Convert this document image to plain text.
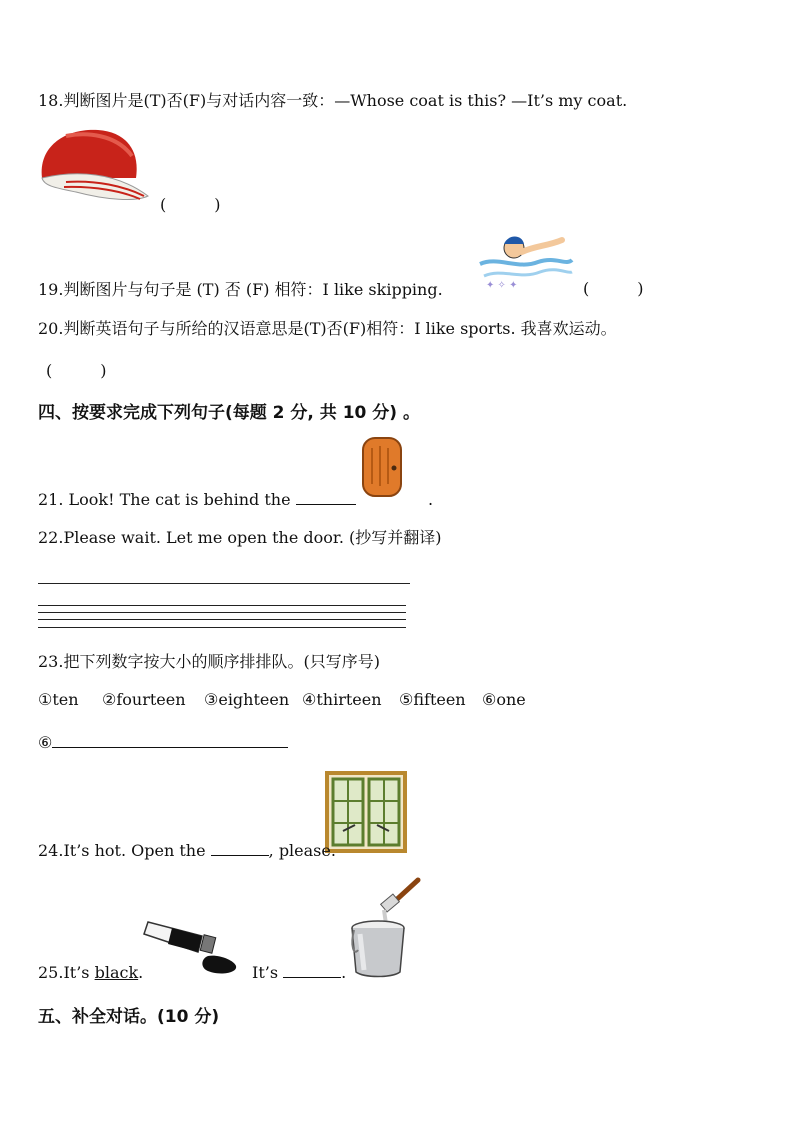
18.判断图片是(T)否(F)与对话内容一致：—Whose coat is this? —It’s my coat.
(　　　)
✦ ✧ ✦
19.判断图片与句子是 (T) 否 (F) 相符：I like skipping.	(　　　)
20.判断英语句子与所给的汉语意思是(T)否(F)相符：I like sports. 我喜欢运动。
(　　　)
四、按要求完成下列句子(每题 2 分, 共 10 分) 。
21. Look! The cat is behind the	.
22.Please wait. Let me open the door. (抄写并翻译)
23.把下列数字按大小的顺序排排队。(只写序号)
①ten ②fourteen ③eighteen ④thirteen ⑤fifteen ⑥one
⑥
24.It’s hot. Open the	, please.
25.It’s black.	It’s	.
五、补全对话。(10 分)
